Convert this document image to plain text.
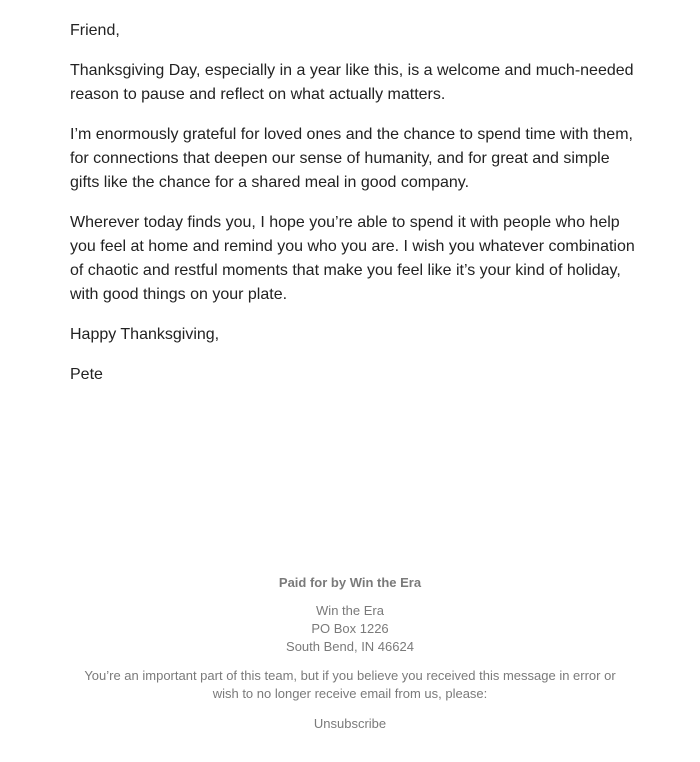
Friend,

Thanksgiving Day, especially in a year like this, is a welcome and much-needed reason to pause and reflect on what actually matters.

I’m enormously grateful for loved ones and the chance to spend time with them, for connections that deepen our sense of humanity, and for great and simple gifts like the chance for a shared meal in good company.

Wherever today finds you, I hope you’re able to spend it with people who help you feel at home and remind you who you are. I wish you whatever combination of chaotic and restful moments that make you feel like it’s your kind of holiday, with good things on your plate.

Happy Thanksgiving,

Pete

Paid for by Win the Era
Win the Era
PO Box 1226
South Bend, IN 46624
You’re an important part of this team, but if you believe you received this message in error or wish to no longer receive email from us, please:
Unsubscribe
